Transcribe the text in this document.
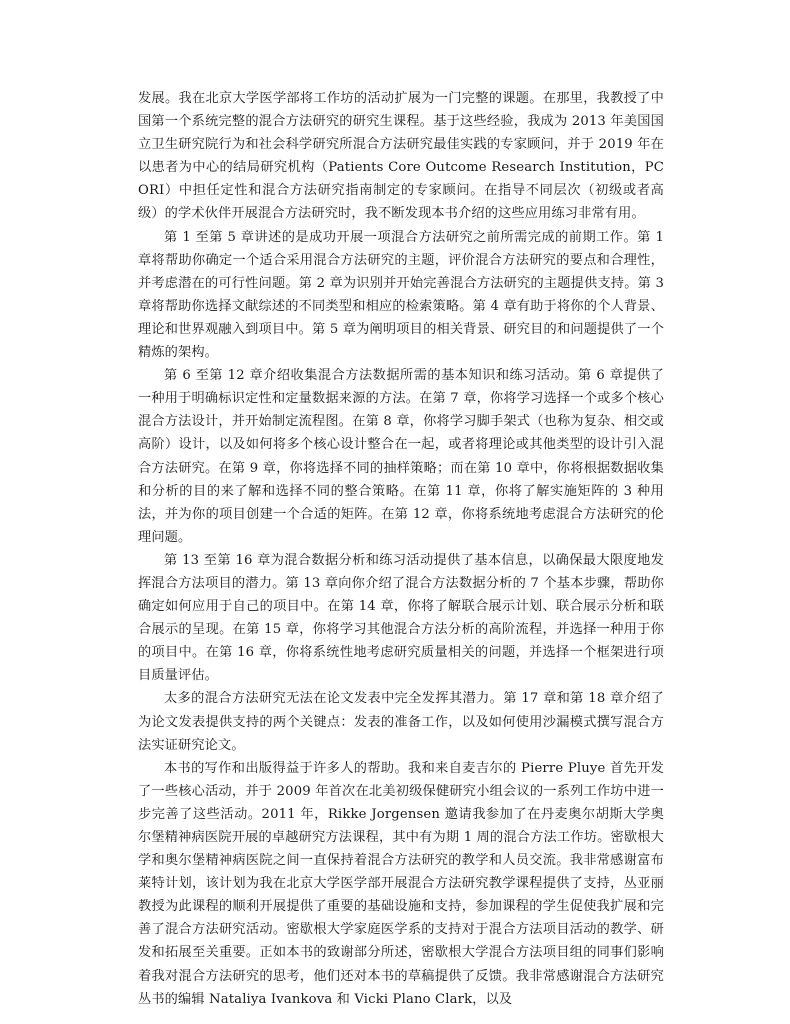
发展。我在北京大学医学部将工作坊的活动扩展为一门完整的课题。在那里，我教授了中国第一个系统完整的混合方法研究的研究生课程。基于这些经验，我成为 2013 年美国国立卫生研究院行为和社会科学研究所混合方法研究最佳实践的专家顾问，并于 2019 年在以患者为中心的结局研究机构（Patients Core Outcome Research Institution，PCORI）中担任定性和混合方法研究指南制定的专家顾问。在指导不同层次（初级或者高级）的学术伙伴开展混合方法研究时，我不断发现本书介绍的这些应用练习非常有用。

第 1 至第 5 章讲述的是成功开展一项混合方法研究之前所需完成的前期工作。第 1 章将帮助你确定一个适合采用混合方法研究的主题，评价混合方法研究的要点和合理性，并考虑潜在的可行性问题。第 2 章为识别并开始完善混合方法研究的主题提供支持。第 3 章将帮助你选择文献综述的不同类型和相应的检索策略。第 4 章有助于将你的个人背景、理论和世界观融入到项目中。第 5 章为阐明项目的相关背景、研究目的和问题提供了一个精炼的架构。

第 6 至第 12 章介绍收集混合方法数据所需的基本知识和练习活动。第 6 章提供了一种用于明确标识定性和定量数据来源的方法。在第 7 章，你将学习选择一个或多个核心混合方法设计，并开始制定流程图。在第 8 章，你将学习脚手架式（也称为复杂、相交或高阶）设计，以及如何将多个核心设计整合在一起，或者将理论或其他类型的设计引入混合方法研究。在第 9 章，你将选择不同的抽样策略；而在第 10 章中，你将根据数据收集和分析的目的来了解和选择不同的整合策略。在第 11 章，你将了解实施矩阵的 3 种用法，并为你的项目创建一个合适的矩阵。在第 12 章，你将系统地考虑混合方法研究的伦理问题。

第 13 至第 16 章为混合数据分析和练习活动提供了基本信息，以确保最大限度地发挥混合方法项目的潜力。第 13 章向你介绍了混合方法数据分析的 7 个基本步骤，帮助你确定如何应用于自己的项目中。在第 14 章，你将了解联合展示计划、联合展示分析和联合展示的呈现。在第 15 章，你将学习其他混合方法分析的高阶流程，并选择一种用于你的项目中。在第 16 章，你将系统性地考虑研究质量相关的问题，并选择一个框架进行项目质量评估。

太多的混合方法研究无法在论文发表中完全发挥其潜力。第 17 章和第 18 章介绍了为论文发表提供支持的两个关键点：发表的准备工作，以及如何使用沙漏模式撰写混合方法实证研究论文。

本书的写作和出版得益于许多人的帮助。我和来自麦吉尔的 Pierre Pluye 首先开发了一些核心活动，并于 2009 年首次在北美初级保健研究小组会议的一系列工作坊中进一步完善了这些活动。2011 年，Rikke Jorgensen 邀请我参加了在丹麦奥尔胡斯大学奥尔堡精神病医院开展的卓越研究方法课程，其中有为期 1 周的混合方法工作坊。密歇根大学和奥尔堡精神病医院之间一直保持着混合方法研究的教学和人员交流。我非常感谢富布莱特计划，该计划为我在北京大学医学部开展混合方法研究教学课程提供了支持，丛亚丽教授为此课程的顺利开展提供了重要的基础设施和支持，参加课程的学生促使我扩展和完善了混合方法研究活动。密歇根大学家庭医学系的支持对于混合方法项目活动的教学、研发和拓展至关重要。正如本书的致谢部分所述，密歇根大学混合方法项目组的同事们影响着我对混合方法研究的思考，他们还对本书的草稿提供了反馈。我非常感谢混合方法研究丛书的编辑 Nataliya Ivankova 和 Vicki Plano Clark，以及
